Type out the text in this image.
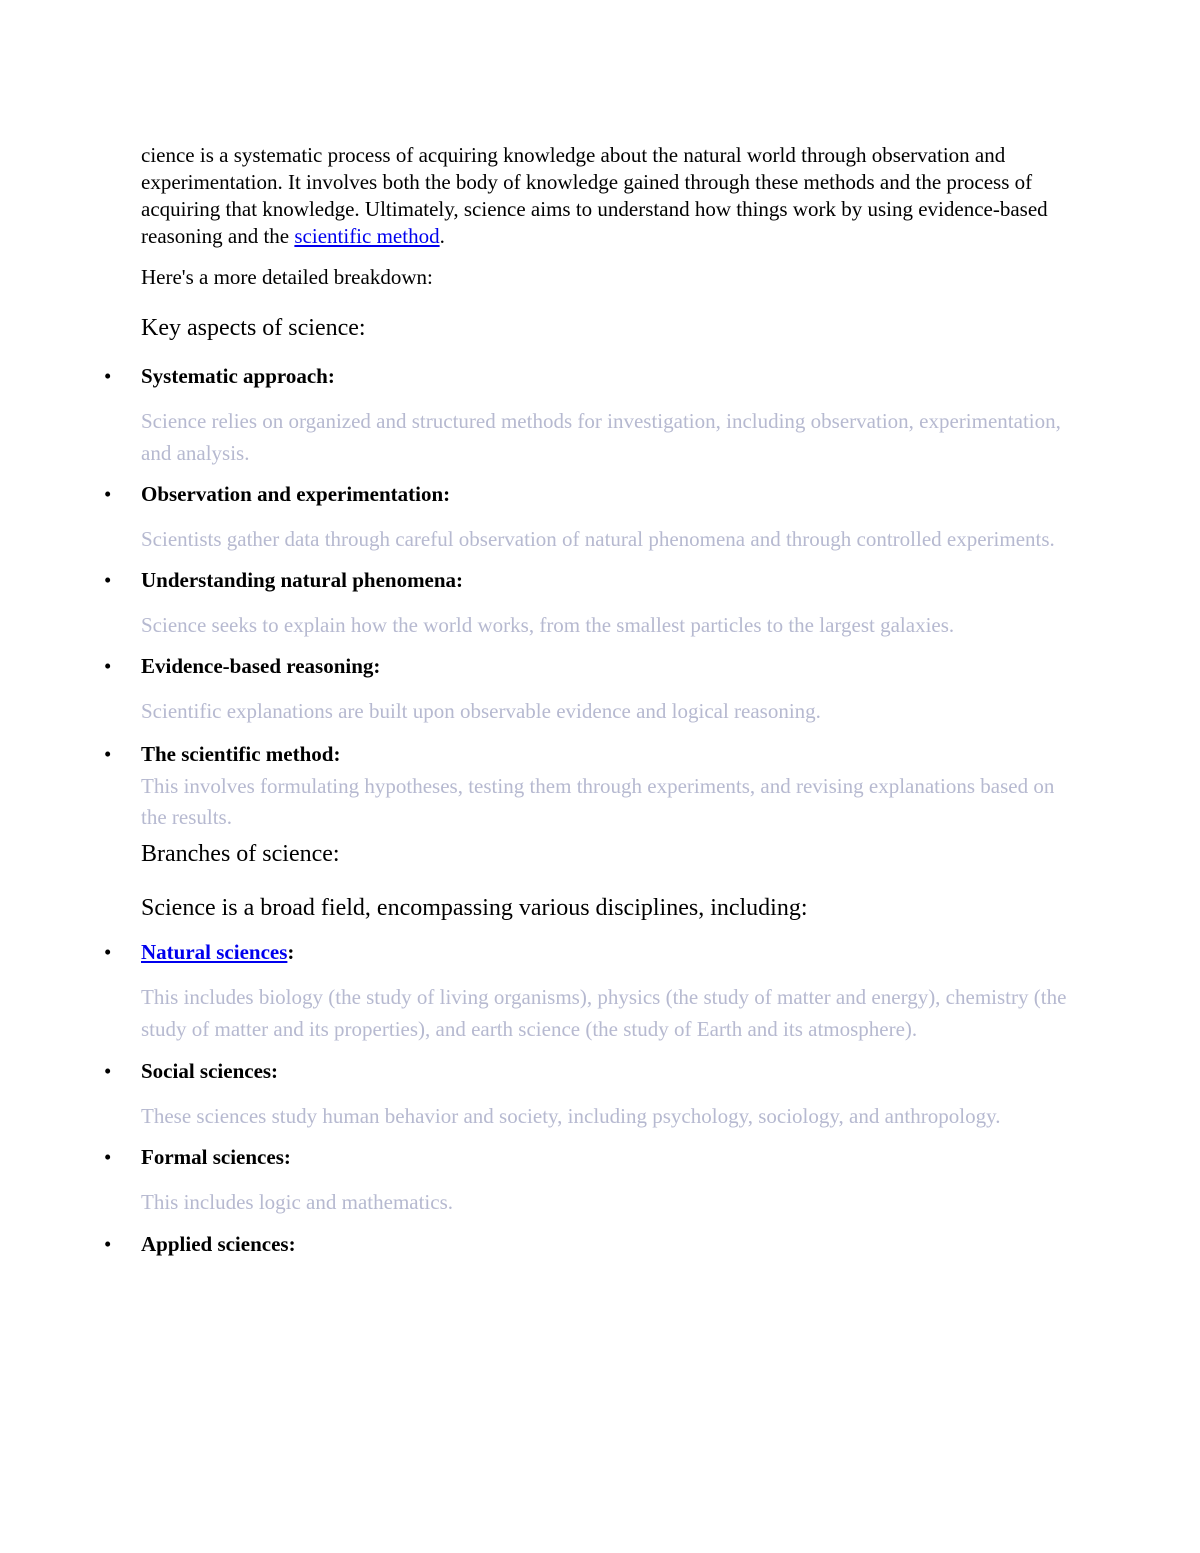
cience is a systematic process of acquiring knowledge about the natural world through observation and experimentation. It involves both the body of knowledge gained through these methods and the process of acquiring that knowledge. Ultimately, science aims to understand how things work by using evidence-based reasoning and the scientific method.

Here's a more detailed breakdown:

Key aspects of science:
• Systematic approach:

Science relies on organized and structured methods for investigation, including observation, experimentation, and analysis.

• Observation and experimentation:

Scientists gather data through careful observation of natural phenomena and through controlled experiments.

• Understanding natural phenomena:

Science seeks to explain how the world works, from the smallest particles to the largest galaxies.

• Evidence-based reasoning:

Scientific explanations are built upon observable evidence and logical reasoning.

• The scientific method:

This involves formulating hypotheses, testing them through experiments, and revising explanations based on the results.

Branches of science:
Science is a broad field, encompassing various disciplines, including:
• Natural sciences:

This includes biology (the study of living organisms), physics (the study of matter and energy), chemistry (the study of matter and its properties), and earth science (the study of Earth and its atmosphere).

• Social sciences:

These sciences study human behavior and society, including psychology, sociology, and anthropology.

• Formal sciences:

This includes logic and mathematics.

• Applied sciences:
